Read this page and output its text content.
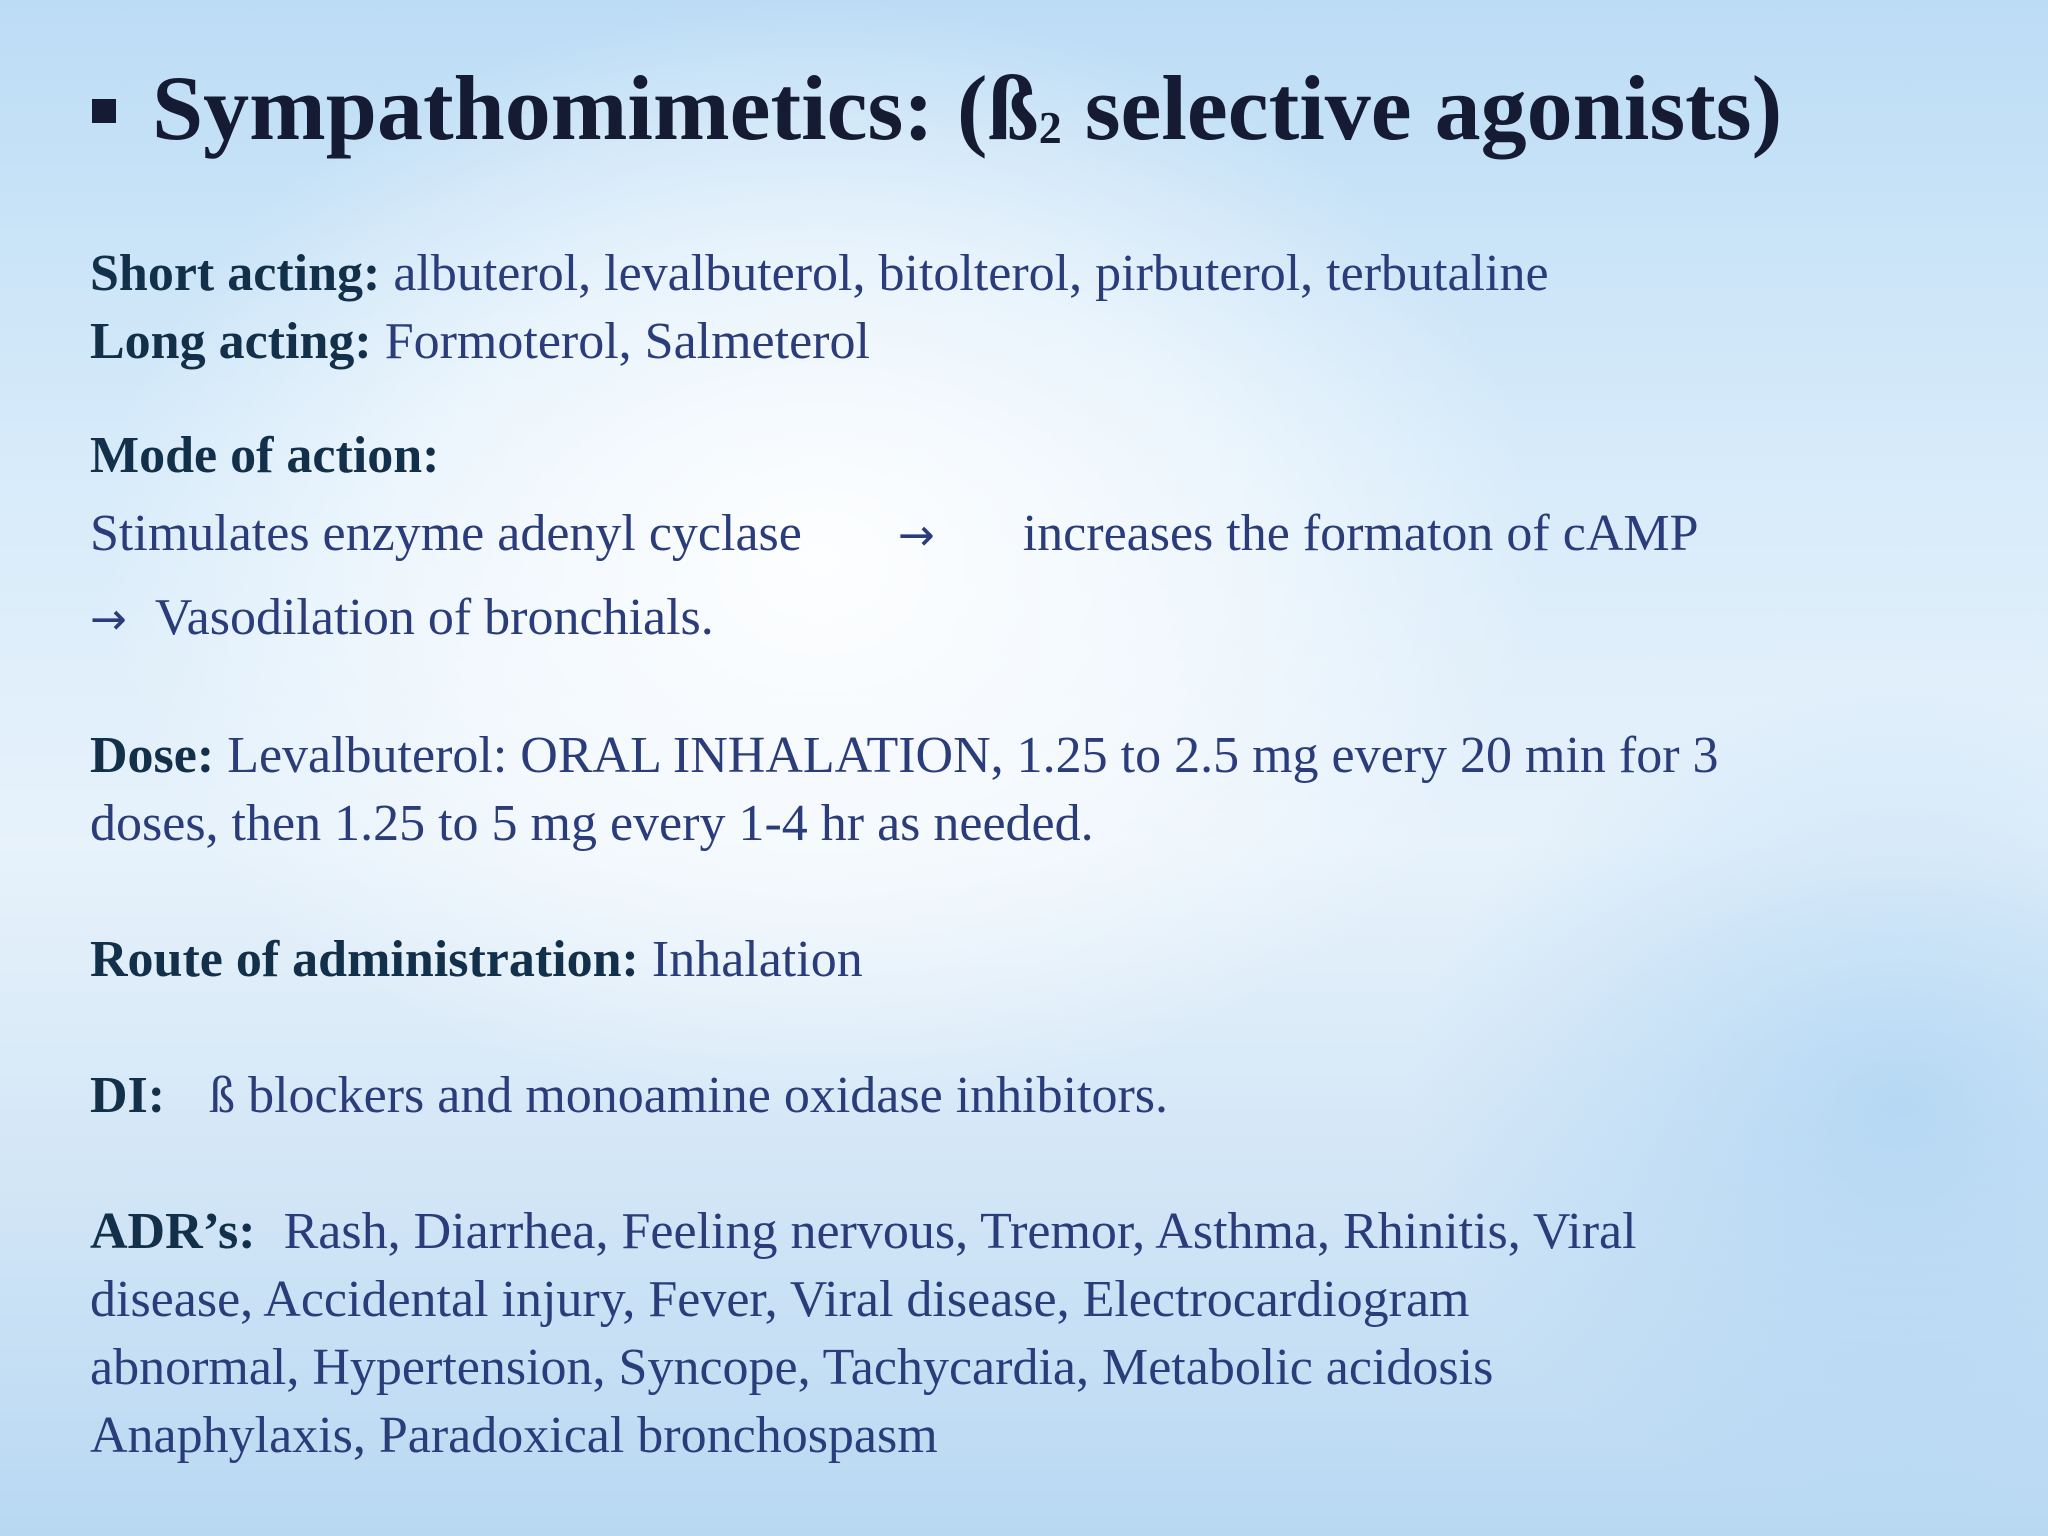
Sympathomimetics: ($ß_2$ selective agonists)
Short acting: albuterol, levalbuterol, bitolterol, pirbuterol, terbutaline
Long acting: Formoterol, Salmeterol
Mode of action:
Stimulates enzyme adenyl cyclase → increases the formaton of cAMP
→ Vasodilation of bronchials.
Dose: Levalbuterol: ORAL INHALATION, 1.25 to 2.5 mg every 20 min for 3
doses, then 1.25 to 5 mg every 1-4 hr as needed.
Route of administration: Inhalation
DI: ß blockers and monoamine oxidase inhibitors.
ADR’s: Rash, Diarrhea, Feeling nervous, Tremor, Asthma, Rhinitis, Viral
disease, Accidental injury, Fever, Viral disease, Electrocardiogram
abnormal, Hypertension, Syncope, Tachycardia, Metabolic acidosis
Anaphylaxis, Paradoxical bronchospasm
